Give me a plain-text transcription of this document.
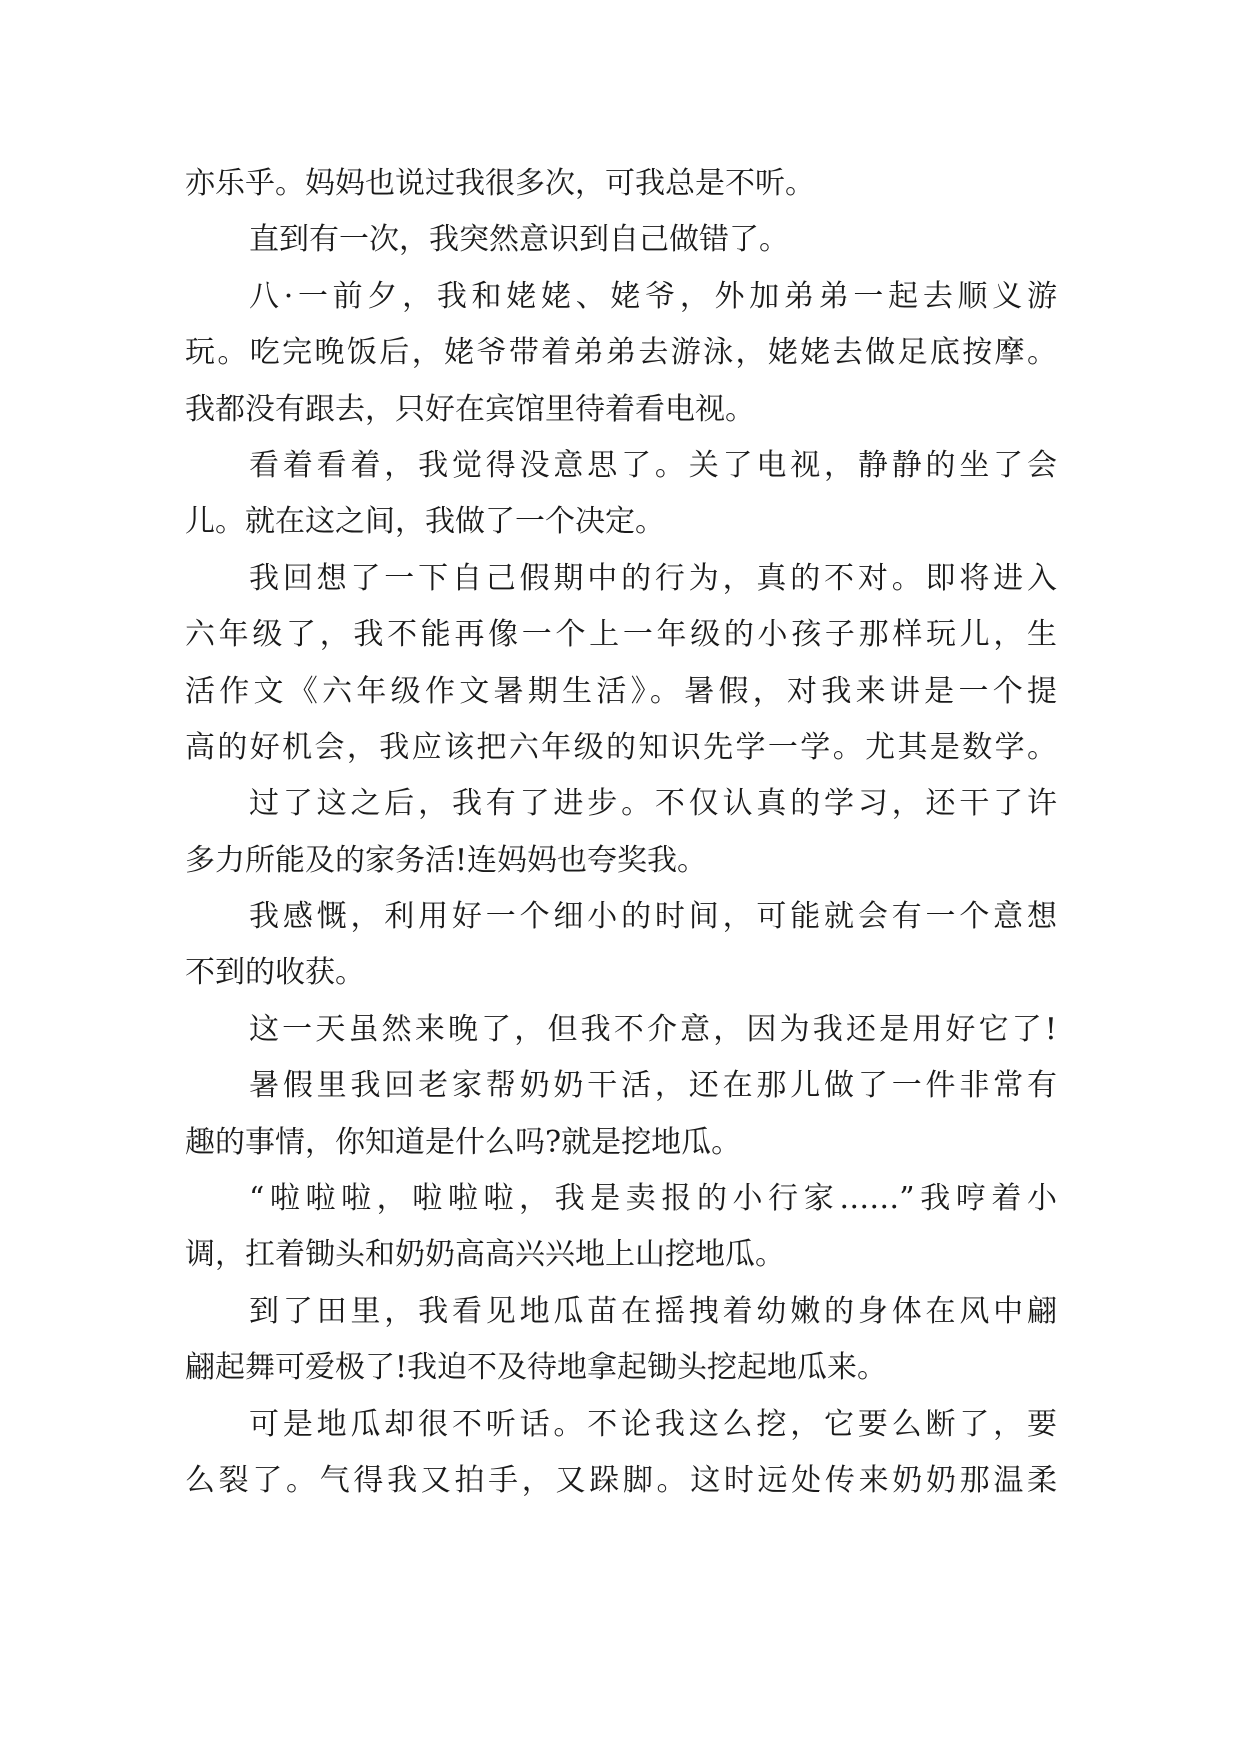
亦乐乎。妈妈也说过我很多次，可我总是不听。
直到有一次，我突然意识到自己做错了。
八·一前夕，我和姥姥、姥爷，外加弟弟一起去顺义游
玩。吃完晚饭后，姥爷带着弟弟去游泳，姥姥去做足底按摩。
我都没有跟去，只好在宾馆里待着看电视。
看着看着，我觉得没意思了。关了电视，静静的坐了会
儿。就在这之间，我做了一个决定。
我回想了一下自己假期中的行为，真的不对。即将进入
六年级了，我不能再像一个上一年级的小孩子那样玩儿，生
活作文《六年级作文暑期生活》。暑假，对我来讲是一个提
高的好机会，我应该把六年级的知识先学一学。尤其是数学。
过了这之后，我有了进步。不仅认真的学习，还干了许
多力所能及的家务活!连妈妈也夸奖我。
我感慨，利用好一个细小的时间，可能就会有一个意想
不到的收获。
这一天虽然来晚了，但我不介意，因为我还是用好它了!
暑假里我回老家帮奶奶干活，还在那儿做了一件非常有
趣的事情，你知道是什么吗?就是挖地瓜。
“啦啦啦，啦啦啦，我是卖报的小行家……”我哼着小
调，扛着锄头和奶奶高高兴兴地上山挖地瓜。
到了田里，我看见地瓜苗在摇拽着幼嫩的身体在风中翩
翩起舞可爱极了!我迫不及待地拿起锄头挖起地瓜来。
可是地瓜却很不听话。不论我这么挖，它要么断了，要
么裂了。气得我又拍手，又跺脚。这时远处传来奶奶那温柔
